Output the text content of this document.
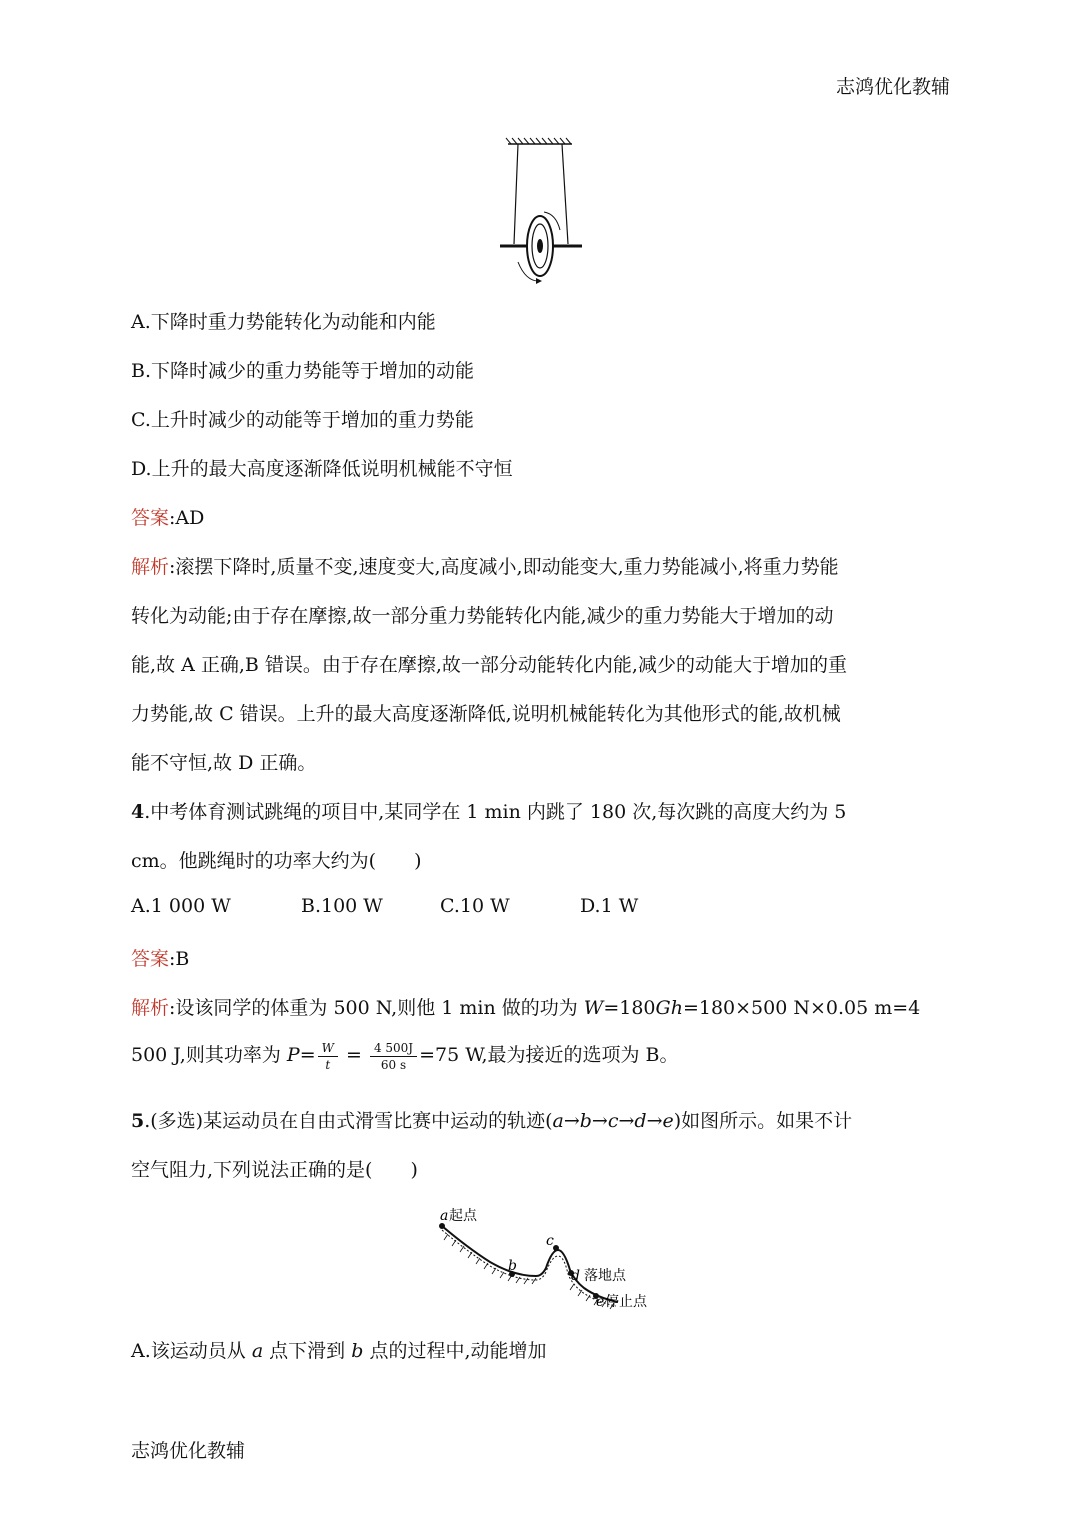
志鸿优化教辅
A.下降时重力势能转化为动能和内能
B.下降时减少的重力势能等于增加的动能
C.上升时减少的动能等于增加的重力势能
D.上升的最大高度逐渐降低说明机械能不守恒
答案:AD
解析:滚摆下降时,质量不变,速度变大,高度减小,即动能变大,重力势能减小,将重力势能
转化为动能;由于存在摩擦,故一部分重力势能转化内能,减少的重力势能大于增加的动
能,故 A 正确,B 错误。由于存在摩擦,故一部分动能转化内能,减少的动能大于增加的重
力势能,故 C 错误。上升的最大高度逐渐降低,说明机械能转化为其他形式的能,故机械
能不守恒,故 D 正确。
4.中考体育测试跳绳的项目中,某同学在 1 min 内跳了 180 次,每次跳的高度大约为 5
cm。他跳绳时的功率大约为(　　)
A.1 000 W	B.100 W	C.10 W	D.1 W
答案:B
解析:设该同学的体重为 500 N,则他 1 min 做的功为 W=180Gh=180×500 N×0.05 m=4
500 J,则其功率为 $P= \frac{W}{t} = \frac{4 500J}{60 s} =75$ W,最为接近的选项为 B。
5.(多选)某运动员在自由式滑雪比赛中运动的轨迹(a→b→c→d→e)如图所示。如果不计
空气阻力,下列说法正确的是(　　)
a 起点
b
c
d 落地点
e 停止点
A.该运动员从 a 点下滑到 b 点的过程中,动能增加
志鸿优化教辅
